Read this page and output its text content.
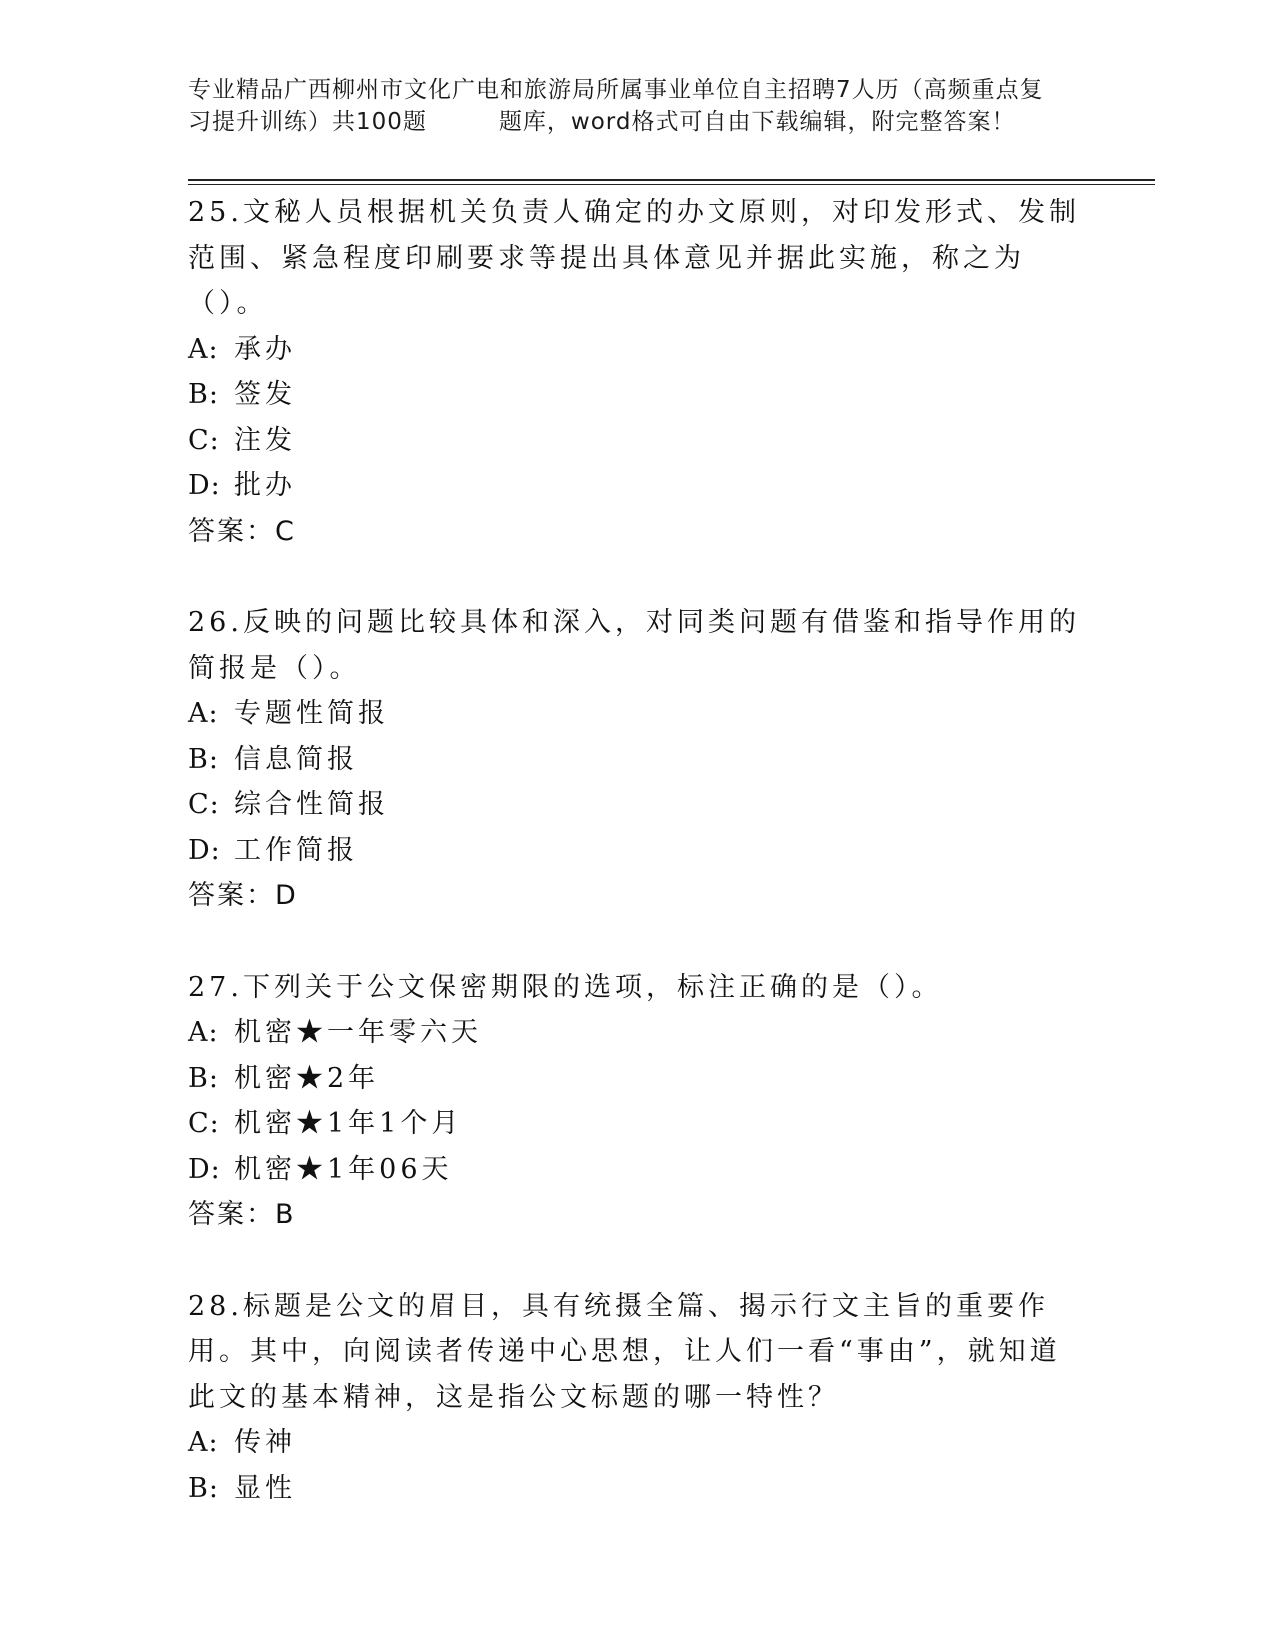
专业精品广西柳州市文化广电和旅游局所属事业单位自主招聘7人历（高频重点复
习提升训练）共100题	题库，word格式可自由下载编辑，附完整答案！

25.文秘人员根据机关负责人确定的办文原则，对印发形式、发制范围、紧急程度印刷要求等提出具体意见并据此实施，称之为（）。

A: 承办
B: 签发
C: 注发
D: 批办
答案：C

26.反映的问题比较具体和深入，对同类问题有借鉴和指导作用的简报是（）。

A: 专题性简报
B: 信息简报
C: 综合性简报
D: 工作简报
答案：D

27.下列关于公文保密期限的选项，标注正确的是（）。

A: 机密★一年零六天
B: 机密★2年
C: 机密★1年1个月
D: 机密★1年06天
答案：B

28.标题是公文的眉目，具有统摄全篇、揭示行文主旨的重要作用。其中，向阅读者传递中心思想，让人们一看“事由”，就知道此文的基本精神，这是指公文标题的哪一特性？

A: 传神
B: 显性
